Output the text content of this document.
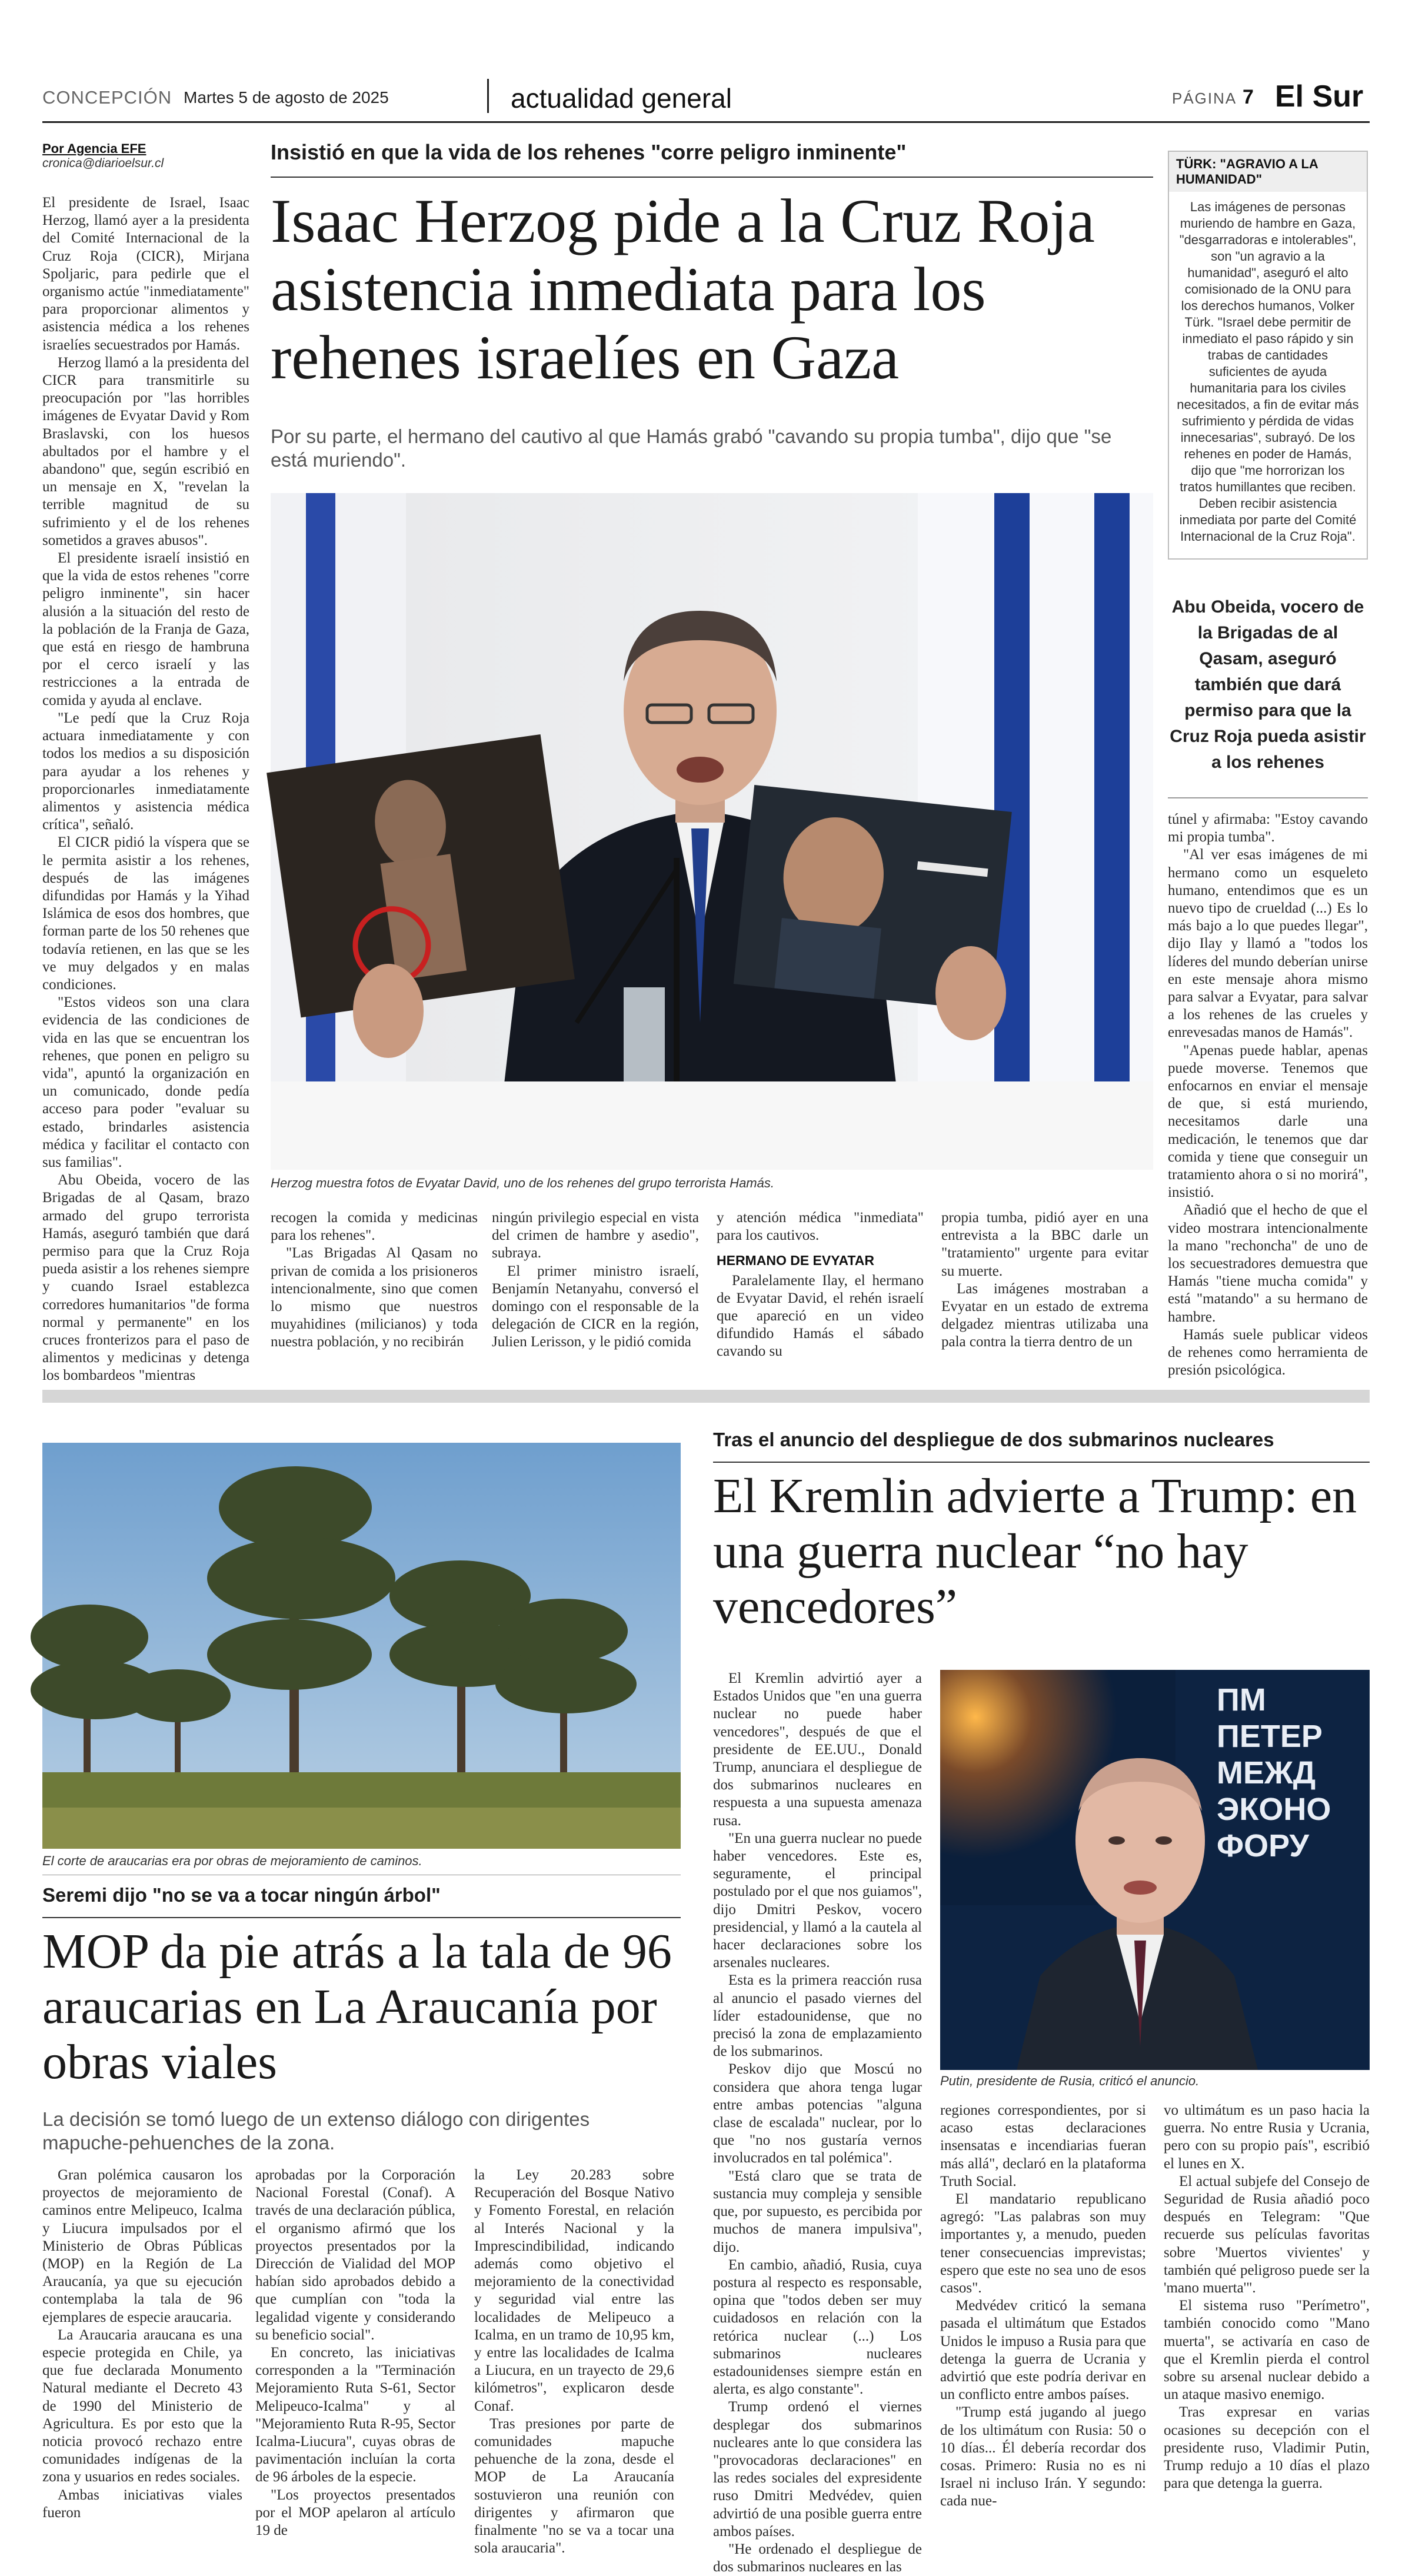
CONCEPCIÓN Martes 5 de agosto de 2025	actualidad general	PÁGINA 7 El Sur
Por Agencia EFE
cronica@diarioelsur.cl	Insistió en que la vida de los rehenes "corre peligro inminente"
Isaac Herzog pide a la Cruz Roja asistencia inmediata para los rehenes israelíes en Gaza
Por su parte, el hermano del cautivo al que Hamás grabó "cavando su propia tumba", dijo que "se está muriendo".
Herzog muestra fotos de Evyatar David, uno de los rehenes del grupo terrorista Hamás.

El presidente de Israel, Isaac Herzog, llamó ayer a la presidenta del Comité Internacional de la Cruz Roja (CICR), Mirjana Spoljaric, para pedirle que el organismo actúe "inmediatamente" para proporcionar alimentos y asistencia médica a los rehenes israelíes secuestrados por Hamás.

Herzog llamó a la presidenta del CICR para transmitirle su preocupación por "las horribles imágenes de Evyatar David y Rom Braslavski, con los huesos abultados por el hambre y el abandono" que, según escribió en un mensaje en X, "revelan la terrible magnitud de su sufrimiento y el de los rehenes sometidos a graves abusos".

El presidente israelí insistió en que la vida de estos rehenes "corre peligro inminente", sin hacer alusión a la situación del resto de la población de la Franja de Gaza, que está en riesgo de hambruna por el cerco israelí y las restricciones a la entrada de comida y ayuda al enclave.

"Le pedí que la Cruz Roja actuara inmediatamente y con todos los medios a su disposición para ayudar a los rehenes y proporcionarles inmediatamente alimentos y asistencia médica crítica", señaló.

El CICR pidió la víspera que se le permita asistir a los rehenes, después de las imágenes difundidas por Hamás y la Yihad Islámica de esos dos hombres, que forman parte de los 50 rehenes que todavía retienen, en las que se les ve muy delgados y en malas condiciones.

"Estos videos son una clara evidencia de las condiciones de vida en las que se encuentran los rehenes, que ponen en peligro su vida", apuntó la organización en un comunicado, donde pedía acceso para poder "evaluar su estado, brindarles asistencia médica y facilitar el contacto con sus familias".

Abu Obeida, vocero de las Brigadas de al Qasam, brazo armado del grupo terrorista Hamás, aseguró también que dará permiso para que la Cruz Roja pueda asistir a los rehenes siempre y cuando Israel establezca corredores humanitarios "de forma normal y permanente" en los cruces fronterizos para el paso de alimentos y medicinas y detenga los bombardeos "mientras

recogen la comida y medicinas para los rehenes".

"Las Brigadas Al Qasam no privan de comida a los prisioneros intencionalmente, sino que comen lo mismo que nuestros muyahidines (milicianos) y toda nuestra población, y no recibirán

ningún privilegio especial en vista del crimen de hambre y asedio", subraya.

El primer ministro israelí, Benjamín Netanyahu, conversó el domingo con el responsable de la delegación de CICR en la región, Julien Lerisson, y le pidió comida

y atención médica "inmediata" para los cautivos.

HERMANO DE EVYATAR

Paralelamente Ilay, el hermano de Evyatar David, el rehén israelí que apareció en un video difundido Hamás el sábado cavando su

propia tumba, pidió ayer en una entrevista a la BBC darle un "tratamiento" urgente para evitar su muerte.

Las imágenes mostraban a Evyatar en un estado de extrema delgadez mientras utilizaba una pala contra la tierra dentro de un

TÜRK: "AGRAVIO A LA HUMANIDAD"
Las imágenes de personas muriendo de hambre en Gaza, "desgarradoras e intolerables", son "un agravio a la humanidad", aseguró el alto comisionado de la ONU para los derechos humanos, Volker Türk. "Israel debe permitir de inmediato el paso rápido y sin trabas de cantidades suficientes de ayuda humanitaria para los civiles necesitados, a fin de evitar más sufrimiento y pérdida de vidas innecesarias", subrayó. De los rehenes en poder de Hamás, dijo que "me horrorizan los tratos humillantes que reciben. Deben recibir asistencia inmediata por parte del Comité Internacional de la Cruz Roja".
Abu Obeida, vocero de la Brigadas de al Qasam, aseguró también que dará permiso para que la Cruz Roja pueda asistir a los rehenes

túnel y afirmaba: "Estoy cavando mi propia tumba".

"Al ver esas imágenes de mi hermano como un esqueleto humano, entendimos que es un nuevo tipo de crueldad (...) Es lo más bajo a lo que puedes llegar", dijo Ilay y llamó a "todos los líderes del mundo deberían unirse en este mensaje ahora mismo para salvar a Evyatar, para salvar a los rehenes de las crueles y enrevesadas manos de Hamás".

"Apenas puede hablar, apenas puede moverse. Tenemos que enfocarnos en enviar el mensaje de que, si está muriendo, necesitamos darle una medicación, le tenemos que dar comida y tiene que conseguir un tratamiento ahora o si no morirá", insistió.

Añadió que el hecho de que el video mostrara intencionalmente la mano "rechoncha" de uno de los secuestradores demuestra que Hamás "tiene mucha comida" y está "matando" a su hermano de hambre.

Hamás suele publicar videos de rehenes como herramienta de presión psicológica.

El corte de araucarias era por obras de mejoramiento de caminos.
Seremi dijo "no se va a tocar ningún árbol"
MOP da pie atrás a la tala de 96 araucarias en La Araucanía por obras viales
La decisión se tomó luego de un extenso diálogo con dirigentes mapuche-pehuenches de la zona.

Gran polémica causaron los proyectos de mejoramiento de caminos entre Melipeuco, Icalma y Liucura impulsados por el Ministerio de Obras Públicas (MOP) en la Región de La Araucanía, ya que su ejecución contemplaba la tala de 96 ejemplares de especie araucaria.

La Araucaria araucana es una especie protegida en Chile, ya que fue declarada Monumento Natural mediante el Decreto 43 de 1990 del Ministerio de Agricultura. Es por esto que la noticia provocó rechazo entre comunidades indígenas de la zona y usuarios en redes sociales.

Ambas iniciativas viales fueron

aprobadas por la Corporación Nacional Forestal (Conaf). A través de una declaración pública, el organismo afirmó que los proyectos presentados por la Dirección de Vialidad del MOP habían sido aprobados debido a que cumplían con "toda la legalidad vigente y considerando su beneficio social".

En concreto, las iniciativas corresponden a la "Terminación Mejoramiento Ruta S-61, Sector Melipeuco-Icalma" y al "Mejoramiento Ruta R-95, Sector Icalma-Liucura", cuyas obras de pavimentación incluían la corta de 96 árboles de la especie.

"Los proyectos presentados por el MOP apelaron al artículo 19 de

la Ley 20.283 sobre Recuperación del Bosque Nativo y Fomento Forestal, en relación al Interés Nacional y la Imprescindibilidad, indicando además como objetivo el mejoramiento de la conectividad y seguridad vial entre las localidades de Melipeuco a Icalma, en un tramo de 10,95 km, y entre las localidades de Icalma a Liucura, en un trayecto de 29,6 kilómetros", explicaron desde Conaf.

Tras presiones por parte de comunidades mapuche pehuenche de la zona, desde el MOP de La Araucanía sostuvieron una reunión con dirigentes y afirmaron que finalmente "no se va a tocar una sola araucaria".

Tras el anuncio del despliegue de dos submarinos nucleares
El Kremlin advierte a Trump: en una guerra nuclear “no hay vencedores”
ПМ
ПЕТЕР
МЕЖД
ЭКОНО
ФОРУ
Putin, presidente de Rusia, criticó el anuncio.

El Kremlin advirtió ayer a Estados Unidos que "en una guerra nuclear no puede haber vencedores", después de que el presidente de EE.UU., Donald Trump, anunciara el despliegue de dos submarinos nucleares en respuesta a una supuesta amenaza rusa.

"En una guerra nuclear no puede haber vencedores. Este es, seguramente, el principal postulado por el que nos guiamos", dijo Dmitri Peskov, vocero presidencial, y llamó a la cautela al hacer declaraciones sobre los arsenales nucleares.

Esta es la primera reacción rusa al anuncio el pasado viernes del líder estadounidense, que no precisó la zona de emplazamiento de los submarinos.

Peskov dijo que Moscú no considera que ahora tenga lugar entre ambas potencias "alguna clase de escalada" nuclear, por lo que "no nos gustaría vernos involucrados en tal polémica".

"Está claro que se trata de sustancia muy compleja y sensible que, por supuesto, es percibida por muchos de manera impulsiva", dijo.

En cambio, añadió, Rusia, cuya postura al respecto es responsable, opina que "todos deben ser muy cuidadosos en relación con la retórica nuclear (...) Los submarinos nucleares estadounidenses siempre están en alerta, es algo constante".

Trump ordenó el viernes desplegar dos submarinos nucleares ante lo que considera las "provocadoras declaraciones" en las redes sociales del expresidente ruso Dmitri Medvédev, quien advirtió de una posible guerra entre ambos países.

"He ordenado el despliegue de dos submarinos nucleares en las

regiones correspondientes, por si acaso estas declaraciones insensatas e incendiarias fueran más allá", declaró en la plataforma Truth Social.

El mandatario republicano agregó: "Las palabras son muy importantes y, a menudo, pueden tener consecuencias imprevistas; espero que este no sea uno de esos casos".

Medvédev criticó la semana pasada el ultimátum que Estados Unidos le impuso a Rusia para que detenga la guerra de Ucrania y advirtió que este podría derivar en un conflicto entre ambos países.

"Trump está jugando al juego de los ultimátum con Rusia: 50 o 10 días... Él debería recordar dos cosas. Primero: Rusia no es ni Israel ni incluso Irán. Y segundo: cada nue-

vo ultimátum es un paso hacia la guerra. No entre Rusia y Ucrania, pero con su propio país", escribió el lunes en X.

El actual subjefe del Consejo de Seguridad de Rusia añadió poco después en Telegram: "Que recuerde sus películas favoritas sobre 'Muertos vivientes' y también qué peligroso puede ser la 'mano muerta'".

El sistema ruso "Perímetro", también conocido como "Mano muerta", se activaría en caso de que el Kremlin pierda el control sobre su arsenal nuclear debido a un ataque masivo enemigo.

Tras expresar en varias ocasiones su decepción con el presidente ruso, Vladimir Putin, Trump redujo a 10 días el plazo para que detenga la guerra.
